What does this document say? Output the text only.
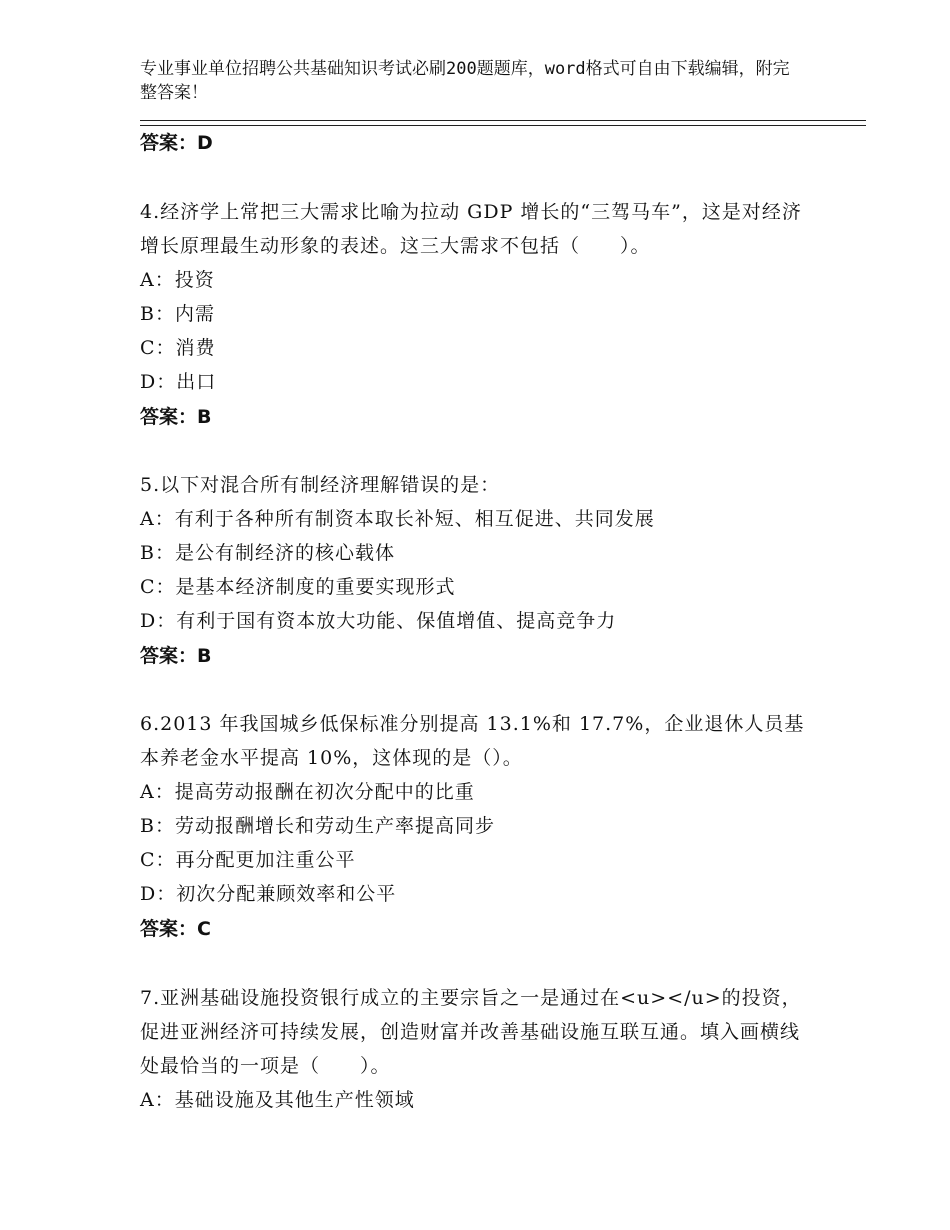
专业事业单位招聘公共基础知识考试必刷200题题库，word格式可自由下载编辑，附完整答案！
答案：D
4.经济学上常把三大需求比喻为拉动 GDP 增长的“三驾马车”，这是对经济增长原理最生动形象的表述。这三大需求不包括（　　）。
A：投资
B：内需
C：消费
D：出口
答案：B
5.以下对混合所有制经济理解错误的是：
A：有利于各种所有制资本取长补短、相互促进、共同发展
B：是公有制经济的核心载体
C：是基本经济制度的重要实现形式
D：有利于国有资本放大功能、保值增值、提高竞争力
答案：B
6.2013 年我国城乡低保标准分别提高 13.1%和 17.7%，企业退休人员基本养老金水平提高 10%，这体现的是（）。
A：提高劳动报酬在初次分配中的比重
B：劳动报酬增长和劳动生产率提高同步
C：再分配更加注重公平
D：初次分配兼顾效率和公平
答案：C
7.亚洲基础设施投资银行成立的主要宗旨之一是通过在<u></u>的投资，促进亚洲经济可持续发展，创造财富并改善基础设施互联互通。填入画横线处最恰当的一项是（　　）。
A：基础设施及其他生产性领域
